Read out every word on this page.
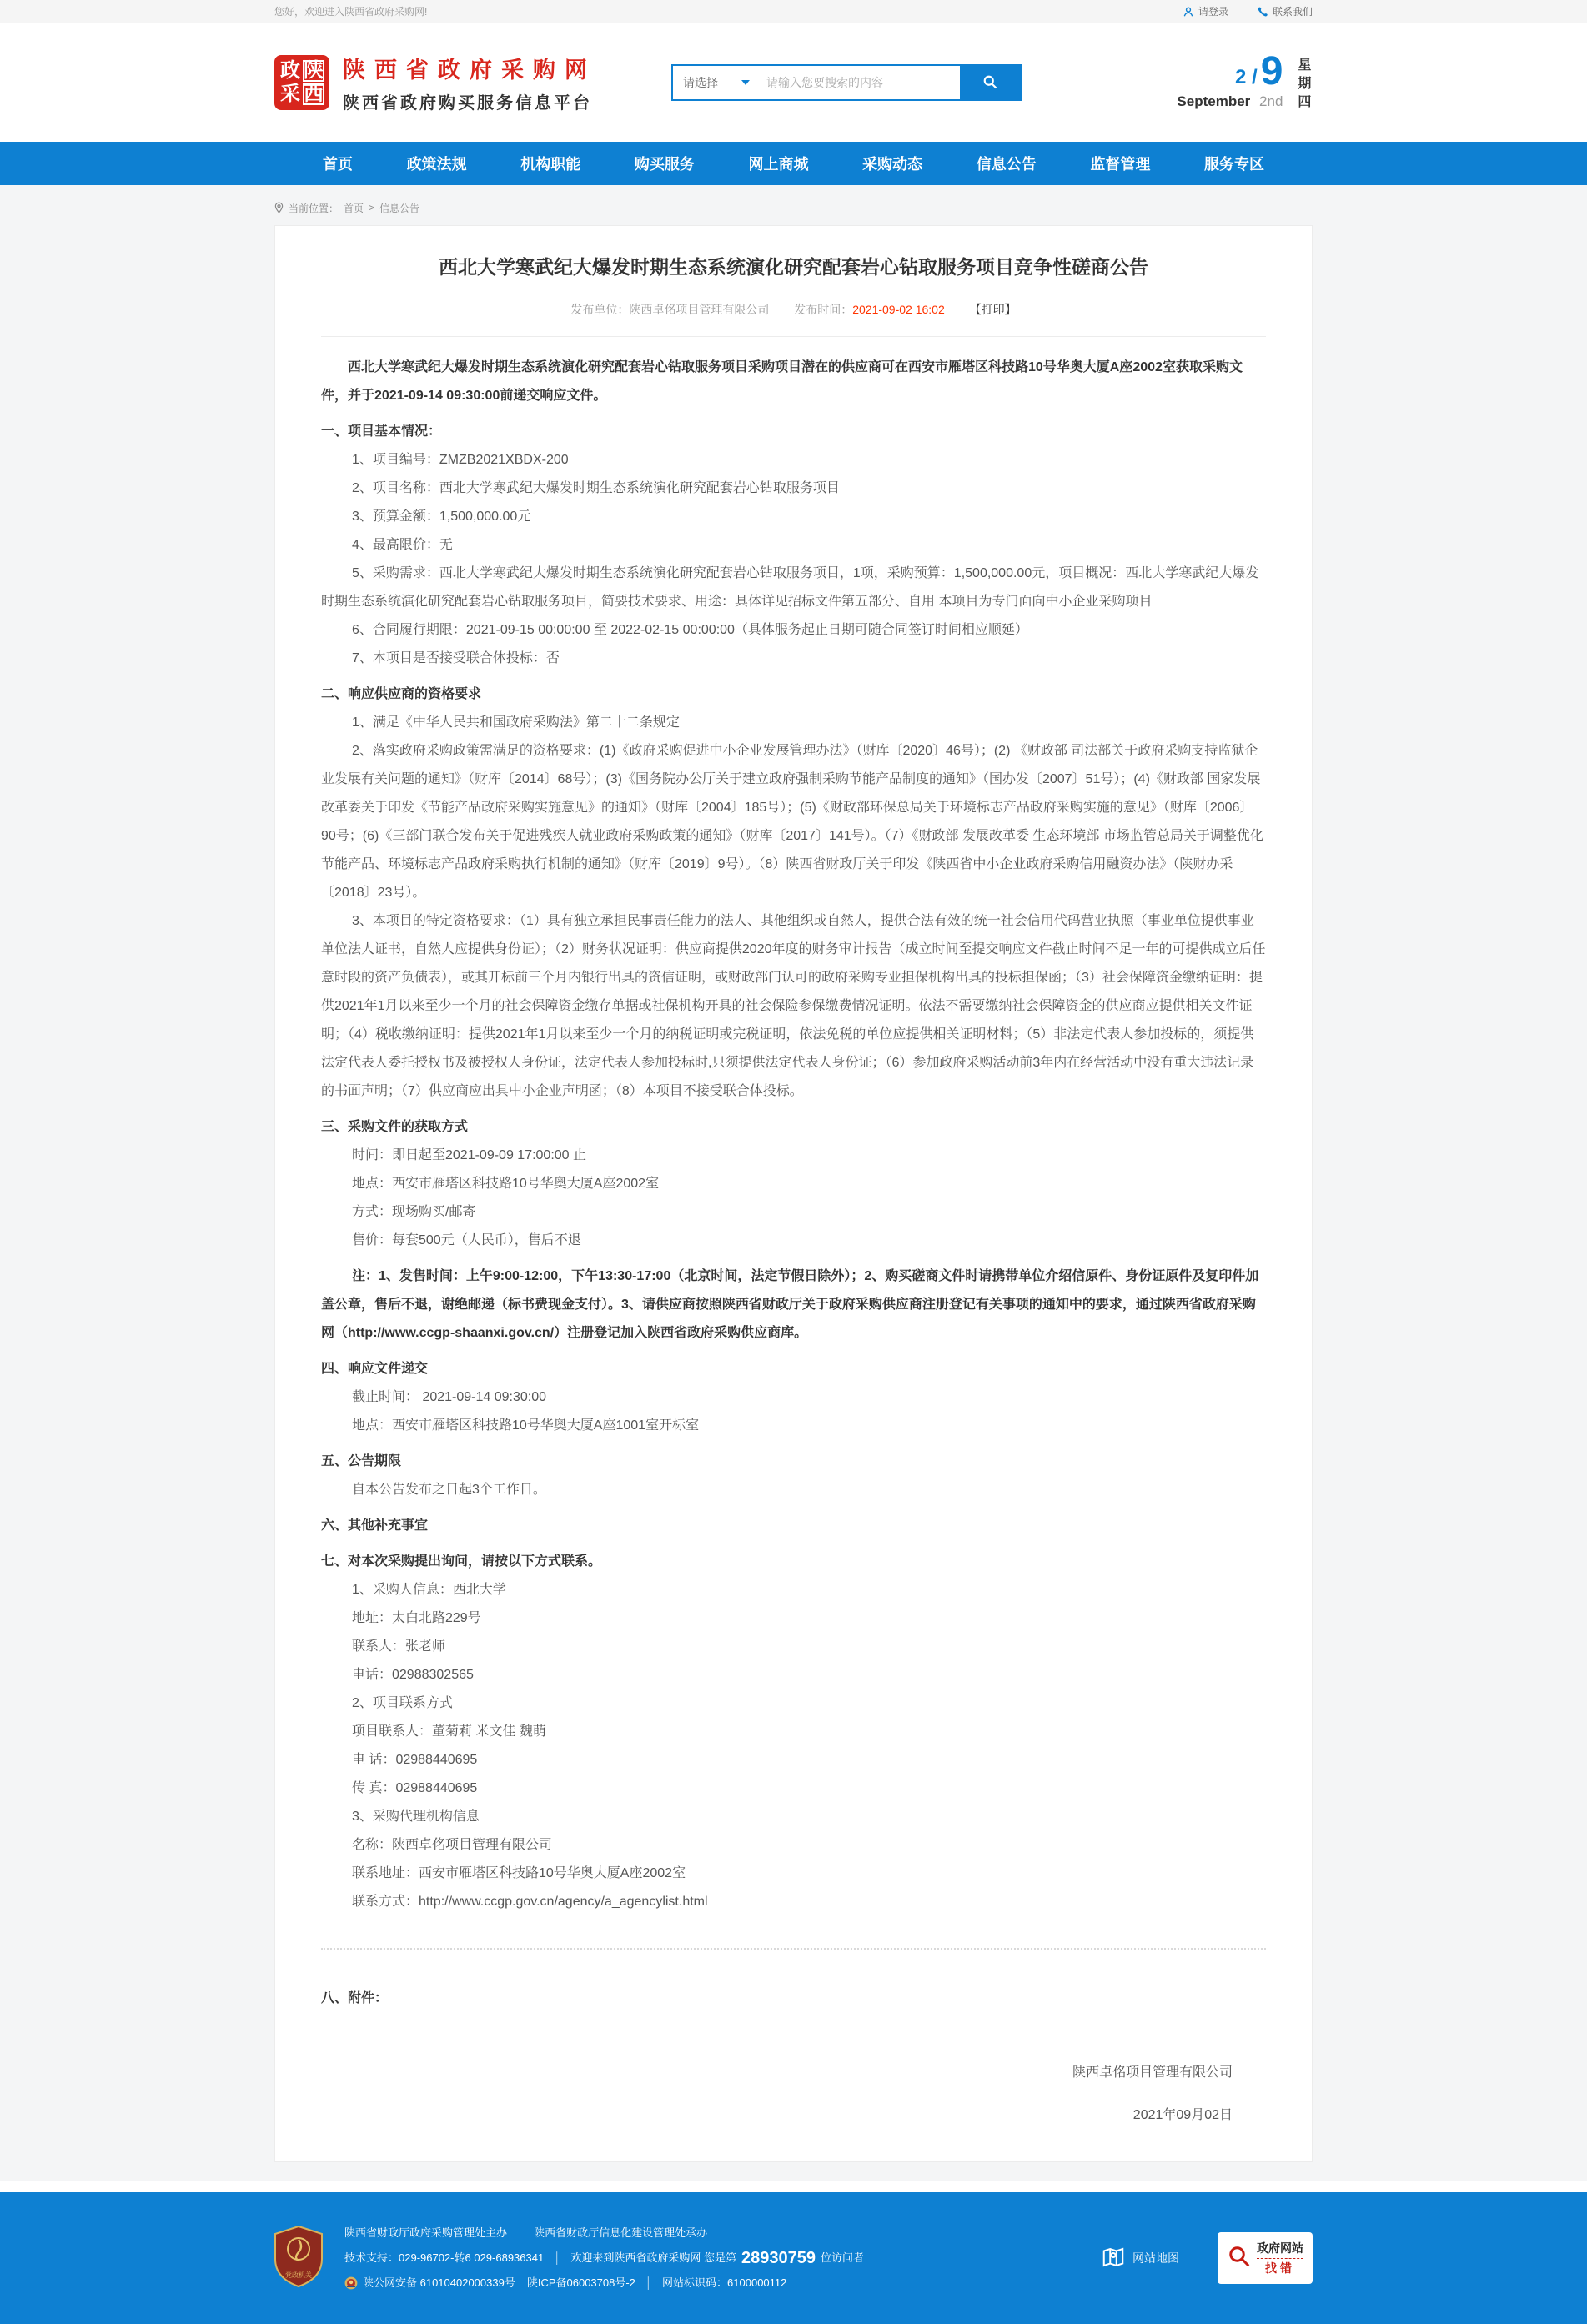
您好，欢迎进入陕西省政府采购网!	请登录	联系我们
政 陕
采 西
陕西省政府采购网
陕西省政府购买服务信息平台
请选择
请输入您要搜索的内容	2 / 9
September 2nd
星期四
首页	政策法规	机构职能	购买服务	网上商城	采购动态	信息公告	监督管理	服务专区
当前位置： 首页 > 信息公告
西北大学寒武纪大爆发时期生态系统演化研究配套岩心钻取服务项目竞争性磋商公告
发布单位：陕西卓佲项目管理有限公司 发布时间：2021-09-02 16:02 【打印】

西北大学寒武纪大爆发时期生态系统演化研究配套岩心钻取服务项目采购项目潜在的供应商可在西安市雁塔区科技路10号华奥大厦A座2002室获取采购文件，并于2021-09-14 09:30:00前递交响应文件。

一、项目基本情况：

1、项目编号：ZMZB2021XBDX-200

2、项目名称：西北大学寒武纪大爆发时期生态系统演化研究配套岩心钻取服务项目

3、预算金额：1,500,000.00元

4、最高限价：无

5、采购需求：西北大学寒武纪大爆发时期生态系统演化研究配套岩心钻取服务项目，1项，采购预算：1,500,000.00元，项目概况：西北大学寒武纪大爆发时期生态系统演化研究配套岩心钻取服务项目，简要技术要求、用途：具体详见招标文件第五部分、自用 本项目为专门面向中小企业采购项目

6、合同履行期限：2021-09-15 00:00:00 至 2022-02-15 00:00:00（具体服务起止日期可随合同签订时间相应顺延）

7、本项目是否接受联合体投标：否

二、响应供应商的资格要求

1、满足《中华人民共和国政府采购法》第二十二条规定

2、落实政府采购政策需满足的资格要求：(1)《政府采购促进中小企业发展管理办法》（财库〔2020〕46号）；(2) 《财政部 司法部关于政府采购支持监狱企业发展有关问题的通知》（财库〔2014〕68号）；(3)《国务院办公厅关于建立政府强制采购节能产品制度的通知》（国办发〔2007〕51号）；(4)《财政部 国家发展改革委关于印发《节能产品政府采购实施意见》的通知》（财库〔2004〕185号）；(5)《财政部环保总局关于环境标志产品政府采购实施的意见》（财库〔2006〕90号；(6)《三部门联合发布关于促进残疾人就业政府采购政策的通知》（财库〔2017〕141号）。（7）《财政部 发展改革委 生态环境部 市场监管总局关于调整优化节能产品、环境标志产品政府采购执行机制的通知》（财库〔2019〕9号）。（8）陕西省财政厅关于印发《陕西省中小企业政府采购信用融资办法》（陕财办采〔2018〕23号）。

3、本项目的特定资格要求：（1）具有独立承担民事责任能力的法人、其他组织或自然人，提供合法有效的统一社会信用代码营业执照（事业单位提供事业单位法人证书，自然人应提供身份证）；（2）财务状况证明：供应商提供2020年度的财务审计报告（成立时间至提交响应文件截止时间不足一年的可提供成立后任意时段的资产负债表），或其开标前三个月内银行出具的资信证明，或财政部门认可的政府采购专业担保机构出具的投标担保函；（3）社会保障资金缴纳证明：提供2021年1月以来至少一个月的社会保障资金缴存单据或社保机构开具的社会保险参保缴费情况证明。依法不需要缴纳社会保障资金的供应商应提供相关文件证明；（4）税收缴纳证明：提供2021年1月以来至少一个月的纳税证明或完税证明，依法免税的单位应提供相关证明材料；（5）非法定代表人参加投标的，须提供法定代表人委托授权书及被授权人身份证，法定代表人参加投标时,只须提供法定代表人身份证；（6）参加政府采购活动前3年内在经营活动中没有重大违法记录的书面声明；（7）供应商应出具中小企业声明函；（8）本项目不接受联合体投标。

三、采购文件的获取方式

时间：即日起至2021-09-09 17:00:00 止

地点：西安市雁塔区科技路10号华奥大厦A座2002室

方式：现场购买/邮寄

售价：每套500元（人民币），售后不退

注：1、发售时间：上午9:00-12:00，下午13:30-17:00（北京时间，法定节假日除外）；2、购买磋商文件时请携带单位介绍信原件、身份证原件及复印件加盖公章，售后不退，谢绝邮递（标书费现金支付）。3、请供应商按照陕西省财政厅关于政府采购供应商注册登记有关事项的通知中的要求，通过陕西省政府采购网（http://www.ccgp-shaanxi.gov.cn/）注册登记加入陕西省政府采购供应商库。

四、响应文件递交

截止时间： 2021-09-14 09:30:00

地点：西安市雁塔区科技路10号华奥大厦A座1001室开标室

五、公告期限

自本公告发布之日起3个工作日。

六、其他补充事宜

七、对本次采购提出询问，请按以下方式联系。

1、采购人信息：西北大学

地址：太白北路229号

联系人：张老师

电话：02988302565

2、项目联系方式

项目联系人：董菊莉 米文佳 魏萌

电 话：02988440695

传 真：02988440695

3、采购代理机构信息

名称：陕西卓佲项目管理有限公司

联系地址：西安市雁塔区科技路10号华奥大厦A座2002室

联系方式：http://www.ccgp.gov.cn/agency/a_agencylist.html

八、附件：

陕西卓佲项目管理有限公司
2021年09月02日
党政机关
陕西省财政厅政府采购管理处主办 │ 陕西省财政厅信息化建设管理处承办
技术支持：029-96702-转6 029-68936341 │ 欢迎来到陕西省政府采购网 您是第 28930759 位访问者
陕公网安备 61010402000339号 陕ICP备06003708号-2 │ 网站标识码：6100000112
网站地图
政府网站
找错
